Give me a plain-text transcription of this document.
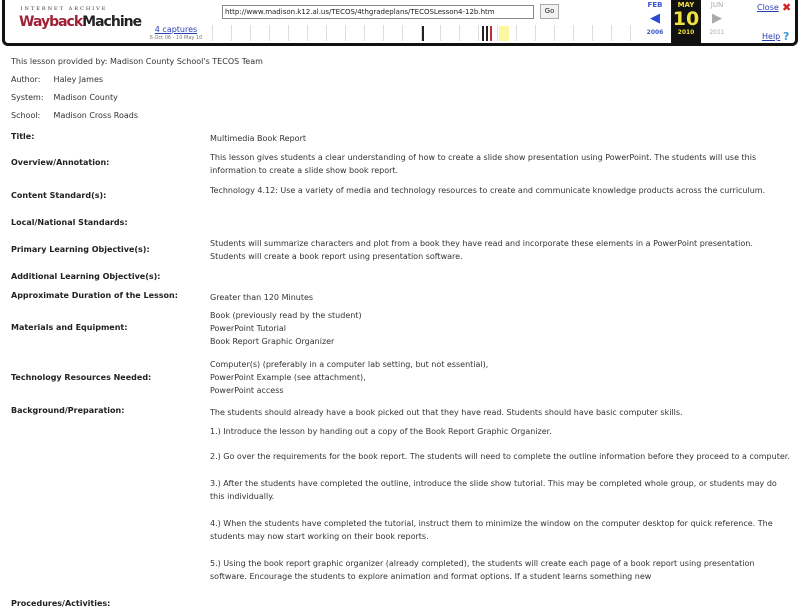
INTERNET ARCHIVE
WaybackMachine
http://www.madison.k12.al.us/TECOS/4thgradeplans/TECOSLesson4-12b.htm	Go
4 captures
6 Oct 06 - 10 May 10
FEB
◀
2006
MAY
10
2010
JUN
▶
2011
Close ✖
Help ?
This lesson provided by: Madison County School's TECOS Team
Author: Haley James
System: Madison County
School: Madison Cross Roads
Title:	Multimedia Book Report
Overview/Annotation:
This lesson gives students a clear understanding of how to create a slide show presentation using PowerPoint. The students will use this information to create a slide show book report.
Content Standard(s):
Technology 4.12: Use a variety of media and technology resources to create and communicate knowledge products across the curriculum.
Local/National Standards:
Primary Learning Objective(s):
Students will summarize characters and plot from a book they have read and incorporate these elements in a PowerPoint presentation. Students will create a book report using presentation software.
Additional Learning Objective(s):
Approximate Duration of the Lesson:	Greater than 120 Minutes
Materials and Equipment:

Book (previously read by the student)

PowerPoint Tutorial

Book Report Graphic Organizer

Technology Resources Needed:

Computer(s) (preferably in a computer lab setting, but not essential),

PowerPoint Example (see attachment),

PowerPoint access

Background/Preparation:	The students should already have a book picked out that they have read. Students should have basic computer skills.
Procedures/Activities:

1.) Introduce the lesson by handing out a copy of the Book Report Graphic Organizer.

2.) Go over the requirements for the book report. The students will need to complete the outline information before they proceed to a computer.

3.) After the students have completed the outline, introduce the slide show tutorial. This may be completed whole group, or students may do this individually.

4.) When the students have completed the tutorial, instruct them to minimize the window on the computer desktop for quick reference. The students may now start working on their book reports.

5.) Using the book report graphic organizer (already completed), the students will create each page of a book report using presentation software. Encourage the students to explore animation and format options. If a student learns something new
